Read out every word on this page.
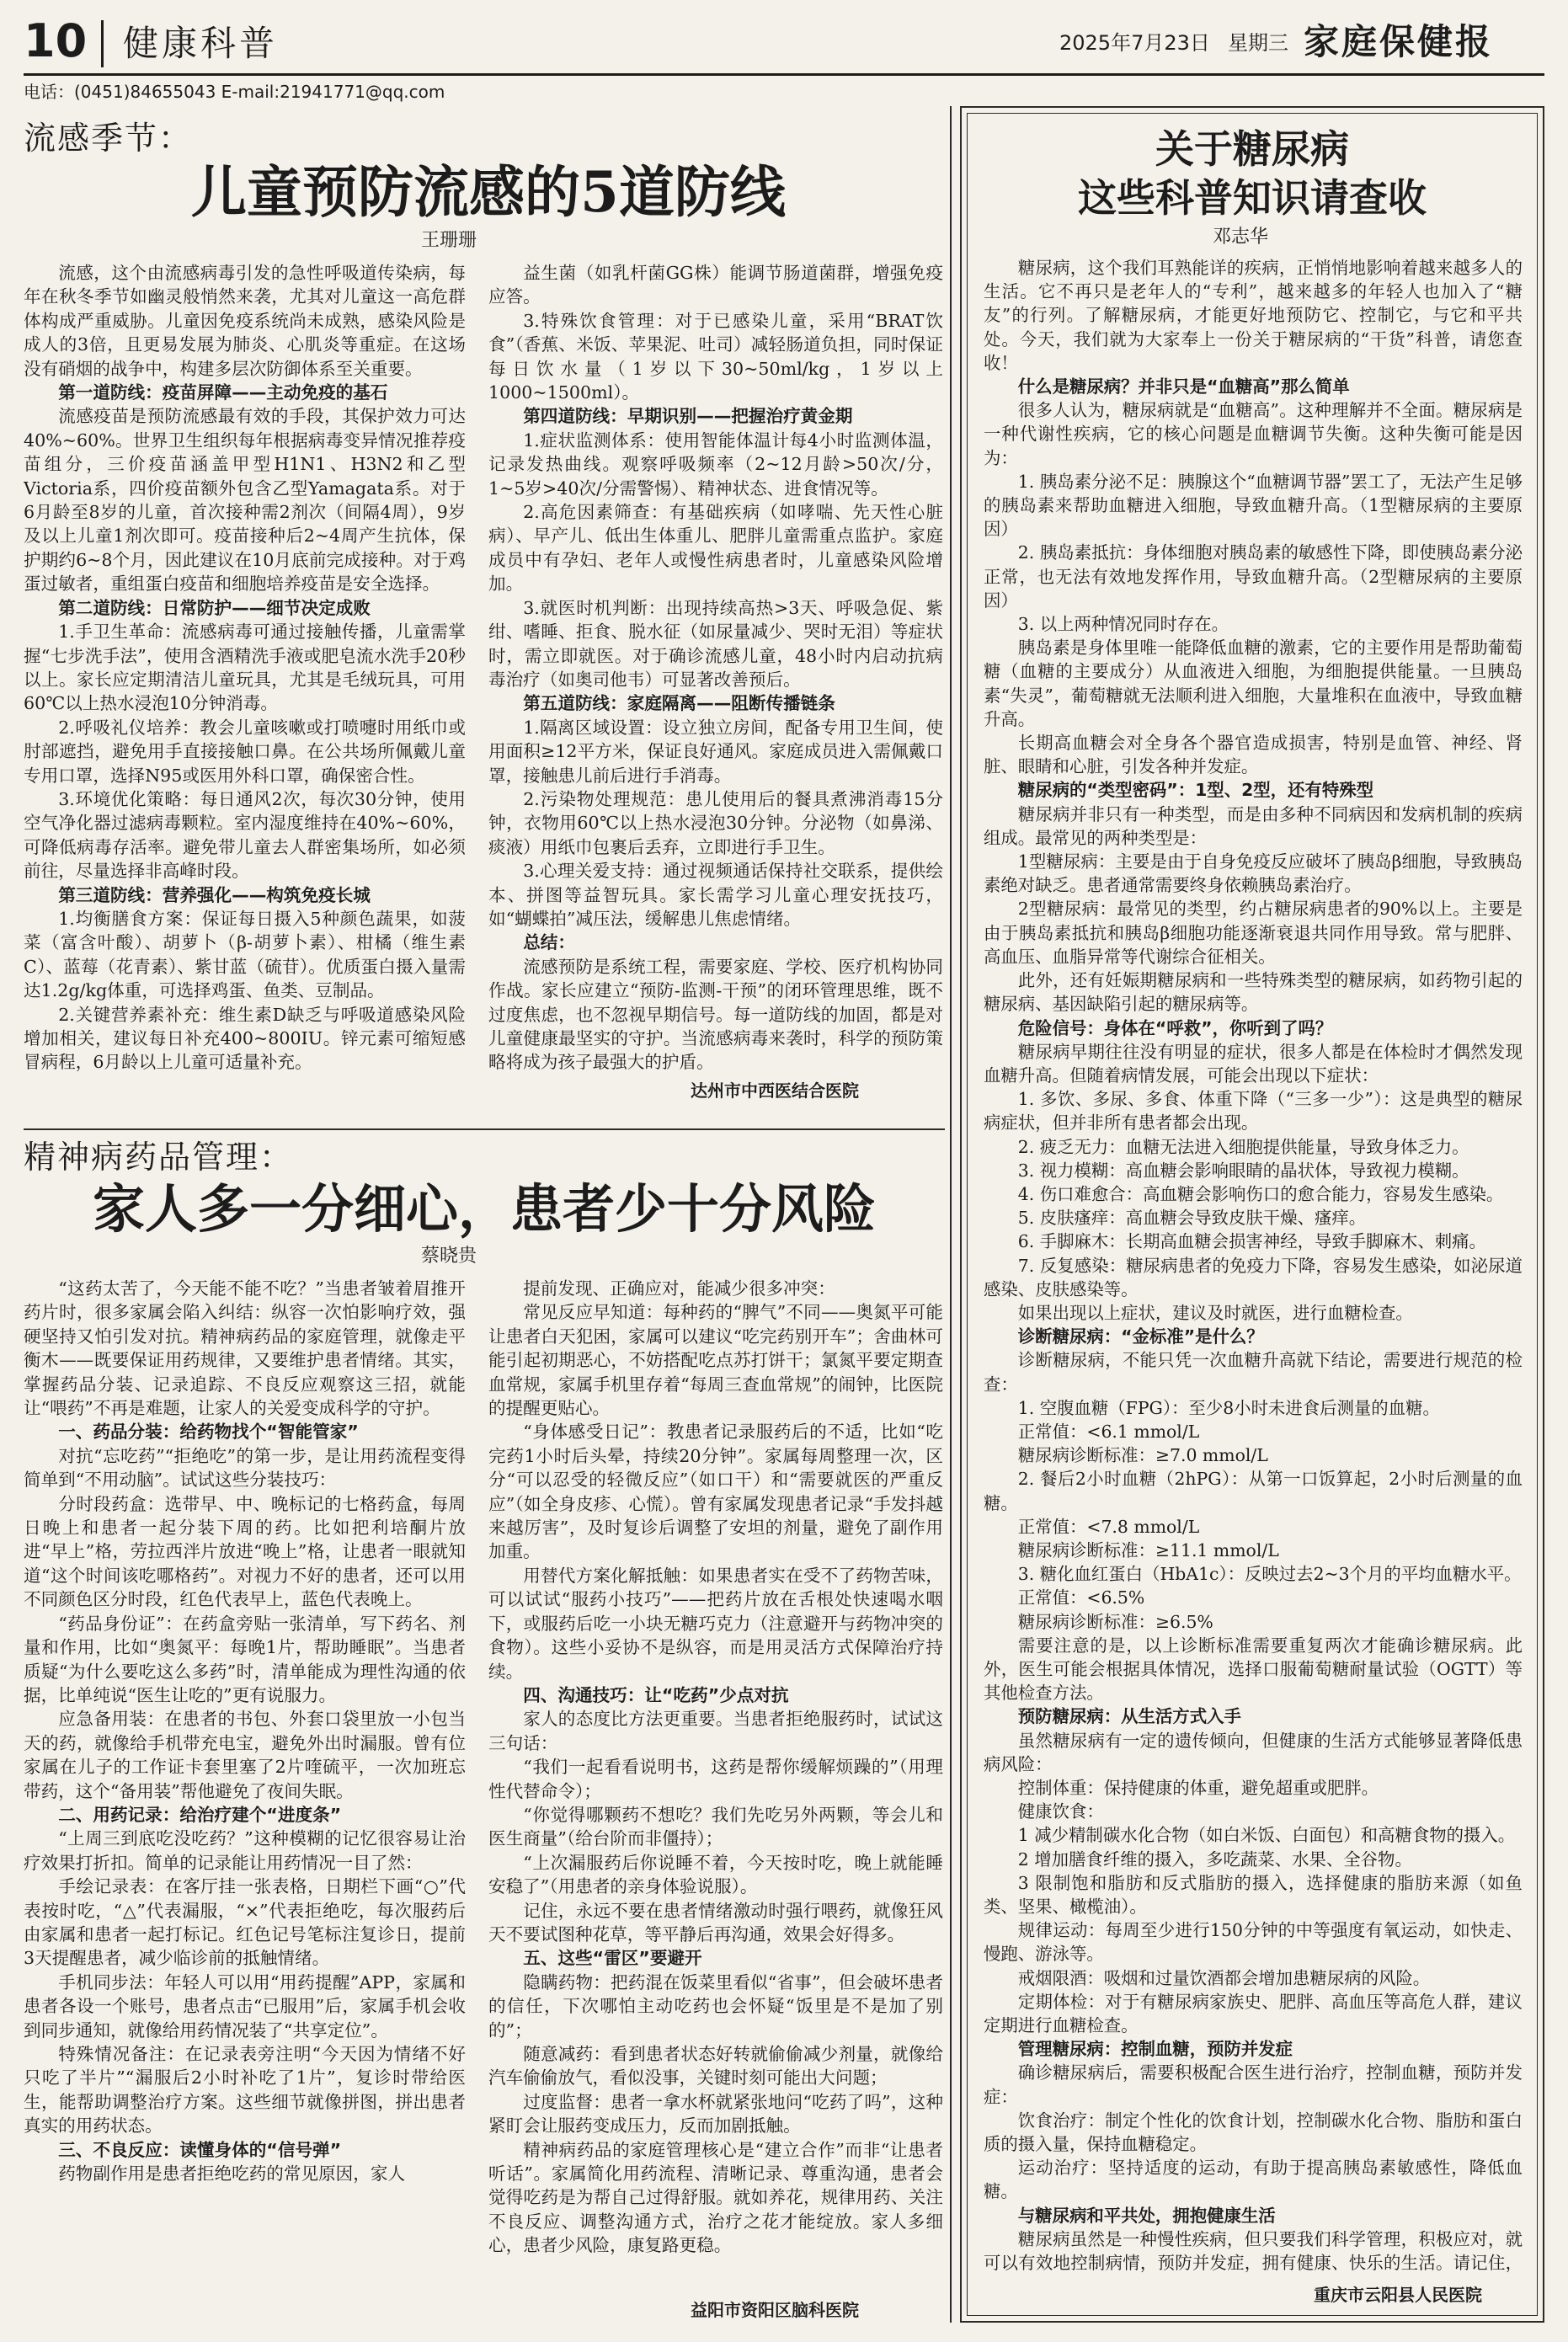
10 健康科普	2025年7月23日 星期三 家庭保健报
电话：(0451)84655043 E-mail:21941771@qq.com
流感季节：
儿童预防流感的5道防线
王珊珊

流感，这个由流感病毒引发的急性呼吸道传染病，每年在秋冬季节如幽灵般悄然来袭，尤其对儿童这一高危群体构成严重威胁。儿童因免疫系统尚未成熟，感染风险是成人的3倍，且更易发展为肺炎、心肌炎等重症。在这场没有硝烟的战争中，构建多层次防御体系至关重要。

第一道防线：疫苗屏障——主动免疫的基石

流感疫苗是预防流感最有效的手段，其保护效力可达40%~60%。世界卫生组织每年根据病毒变异情况推荐疫苗组分，三价疫苗涵盖甲型H1N1、H3N2和乙型Victoria系，四价疫苗额外包含乙型Yamagata系。对于6月龄至8岁的儿童，首次接种需2剂次（间隔4周），9岁及以上儿童1剂次即可。疫苗接种后2~4周产生抗体，保护期约6~8个月，因此建议在10月底前完成接种。对于鸡蛋过敏者，重组蛋白疫苗和细胞培养疫苗是安全选择。

第二道防线：日常防护——细节决定成败

1.手卫生革命：流感病毒可通过接触传播，儿童需掌握“七步洗手法”，使用含酒精洗手液或肥皂流水洗手20秒以上。家长应定期清洁儿童玩具，尤其是毛绒玩具，可用60℃以上热水浸泡10分钟消毒。

2.呼吸礼仪培养：教会儿童咳嗽或打喷嚏时用纸巾或肘部遮挡，避免用手直接接触口鼻。在公共场所佩戴儿童专用口罩，选择N95或医用外科口罩，确保密合性。

3.环境优化策略：每日通风2次，每次30分钟，使用空气净化器过滤病毒颗粒。室内湿度维持在40%~60%，可降低病毒存活率。避免带儿童去人群密集场所，如必须前往，尽量选择非高峰时段。

第三道防线：营养强化——构筑免疫长城

1.均衡膳食方案：保证每日摄入5种颜色蔬果，如菠菜（富含叶酸）、胡萝卜（β-胡萝卜素）、柑橘（维生素C）、蓝莓（花青素）、紫甘蓝（硫苷）。优质蛋白摄入量需达1.2g/kg体重，可选择鸡蛋、鱼类、豆制品。

2.关键营养素补充：维生素D缺乏与呼吸道感染风险增加相关，建议每日补充400~800IU。锌元素可缩短感冒病程，6月龄以上儿童可适量补充。

益生菌（如乳杆菌GG株）能调节肠道菌群，增强免疫应答。

3.特殊饮食管理：对于已感染儿童，采用“BRAT饮食”（香蕉、米饭、苹果泥、吐司）减轻肠道负担，同时保证每日饮水量（1岁以下30~50ml/kg，1岁以上1000~1500ml）。

第四道防线：早期识别——把握治疗黄金期

1.症状监测体系：使用智能体温计每4小时监测体温，记录发热曲线。观察呼吸频率（2~12月龄>50次/分，1~5岁>40次/分需警惕）、精神状态、进食情况等。

2.高危因素筛查：有基础疾病（如哮喘、先天性心脏病）、早产儿、低出生体重儿、肥胖儿童需重点监护。家庭成员中有孕妇、老年人或慢性病患者时，儿童感染风险增加。

3.就医时机判断：出现持续高热>3天、呼吸急促、紫绀、嗜睡、拒食、脱水征（如尿量减少、哭时无泪）等症状时，需立即就医。对于确诊流感儿童，48小时内启动抗病毒治疗（如奥司他韦）可显著改善预后。

第五道防线：家庭隔离——阻断传播链条

1.隔离区域设置：设立独立房间，配备专用卫生间，使用面积≥12平方米，保证良好通风。家庭成员进入需佩戴口罩，接触患儿前后进行手消毒。

2.污染物处理规范：患儿使用后的餐具煮沸消毒15分钟，衣物用60℃以上热水浸泡30分钟。分泌物（如鼻涕、痰液）用纸巾包裹后丢弃，立即进行手卫生。

3.心理关爱支持：通过视频通话保持社交联系，提供绘本、拼图等益智玩具。家长需学习儿童心理安抚技巧，如“蝴蝶拍”减压法，缓解患儿焦虑情绪。

总结：

流感预防是系统工程，需要家庭、学校、医疗机构协同作战。家长应建立“预防-监测-干预”的闭环管理思维，既不过度焦虑，也不忽视早期信号。每一道防线的加固，都是对儿童健康最坚实的守护。当流感病毒来袭时，科学的预防策略将成为孩子最强大的护盾。

达州市中西医结合医院
精神病药品管理：
家人多一分细心，患者少十分风险
蔡晓贵

“这药太苦了，今天能不能不吃？”当患者皱着眉推开药片时，很多家属会陷入纠结：纵容一次怕影响疗效，强硬坚持又怕引发对抗。精神病药品的家庭管理，就像走平衡木——既要保证用药规律，又要维护患者情绪。其实，掌握药品分装、记录追踪、不良反应观察这三招，就能让“喂药”不再是难题，让家人的关爱变成科学的守护。

一、药品分装：给药物找个“智能管家”

对抗“忘吃药”“拒绝吃”的第一步，是让用药流程变得简单到“不用动脑”。试试这些分装技巧：

分时段药盒：选带早、中、晚标记的七格药盒，每周日晚上和患者一起分装下周的药。比如把利培酮片放进“早上”格，劳拉西泮片放进“晚上”格，让患者一眼就知道“这个时间该吃哪格药”。对视力不好的患者，还可以用不同颜色区分时段，红色代表早上，蓝色代表晚上。

“药品身份证”：在药盒旁贴一张清单，写下药名、剂量和作用，比如“奥氮平：每晚1片，帮助睡眠”。当患者质疑“为什么要吃这么多药”时，清单能成为理性沟通的依据，比单纯说“医生让吃的”更有说服力。

应急备用装：在患者的书包、外套口袋里放一小包当天的药，就像给手机带充电宝，避免外出时漏服。曾有位家属在儿子的工作证卡套里塞了2片喹硫平，一次加班忘带药，这个“备用装”帮他避免了夜间失眠。

二、用药记录：给治疗建个“进度条”

“上周三到底吃没吃药？”这种模糊的记忆很容易让治疗效果打折扣。简单的记录能让用药情况一目了然：

手绘记录表：在客厅挂一张表格，日期栏下画“○”代表按时吃，“△”代表漏服，“×”代表拒绝吃，每次服药后由家属和患者一起打标记。红色记号笔标注复诊日，提前3天提醒患者，减少临诊前的抵触情绪。

手机同步法：年轻人可以用“用药提醒”APP，家属和患者各设一个账号，患者点击“已服用”后，家属手机会收到同步通知，就像给用药情况装了“共享定位”。

特殊情况备注：在记录表旁注明“今天因为情绪不好只吃了半片”“漏服后2小时补吃了1片”，复诊时带给医生，能帮助调整治疗方案。这些细节就像拼图，拼出患者真实的用药状态。

三、不良反应：读懂身体的“信号弹”

药物副作用是患者拒绝吃药的常见原因，家人

提前发现、正确应对，能减少很多冲突：

常见反应早知道：每种药的“脾气”不同——奥氮平可能让患者白天犯困，家属可以建议“吃完药别开车”；舍曲林可能引起初期恶心，不妨搭配吃点苏打饼干；氯氮平要定期查血常规，家属手机里存着“每周三查血常规”的闹钟，比医院的提醒更贴心。

“身体感受日记”：教患者记录服药后的不适，比如“吃完药1小时后头晕，持续20分钟”。家属每周整理一次，区分“可以忍受的轻微反应”（如口干）和“需要就医的严重反应”（如全身皮疹、心慌）。曾有家属发现患者记录“手发抖越来越厉害”，及时复诊后调整了安坦的剂量，避免了副作用加重。

用替代方案化解抵触：如果患者实在受不了药物苦味，可以试试“服药小技巧”——把药片放在舌根处快速喝水咽下，或服药后吃一小块无糖巧克力（注意避开与药物冲突的食物）。这些小妥协不是纵容，而是用灵活方式保障治疗持续。

四、沟通技巧：让“吃药”少点对抗

家人的态度比方法更重要。当患者拒绝服药时，试试这三句话：

“我们一起看看说明书，这药是帮你缓解烦躁的”（用理性代替命令）；

“你觉得哪颗药不想吃？我们先吃另外两颗，等会儿和医生商量”（给台阶而非僵持）；

“上次漏服药后你说睡不着，今天按时吃，晚上就能睡安稳了”（用患者的亲身体验说服）。

记住，永远不要在患者情绪激动时强行喂药，就像狂风天不要试图种花草，等平静后再沟通，效果会好得多。

五、这些“雷区”要避开

隐瞒药物：把药混在饭菜里看似“省事”，但会破坏患者的信任，下次哪怕主动吃药也会怀疑“饭里是不是加了别的”；

随意减药：看到患者状态好转就偷偷减少剂量，就像给汽车偷偷放气，看似没事，关键时刻可能出大问题；

过度监督：患者一拿水杯就紧张地问“吃药了吗”，这种紧盯会让服药变成压力，反而加剧抵触。

精神病药品的家庭管理核心是“建立合作”而非“让患者听话”。家属简化用药流程、清晰记录、尊重沟通，患者会觉得吃药是为帮自己过得舒服。就如养花，规律用药、关注不良反应、调整沟通方式，治疗之花才能绽放。家人多细心，患者少风险，康复路更稳。

益阳市资阳区脑科医院
关于糖尿病
这些科普知识请查收
邓志华

糖尿病，这个我们耳熟能详的疾病，正悄悄地影响着越来越多人的生活。它不再只是老年人的“专利”，越来越多的年轻人也加入了“糖友”的行列。了解糖尿病，才能更好地预防它、控制它，与它和平共处。今天，我们就为大家奉上一份关于糖尿病的“干货”科普，请您查收！

什么是糖尿病？并非只是“血糖高”那么简单

很多人认为，糖尿病就是“血糖高”。这种理解并不全面。糖尿病是一种代谢性疾病，它的核心问题是血糖调节失衡。这种失衡可能是因为：

1. 胰岛素分泌不足：胰腺这个“血糖调节器”罢工了，无法产生足够的胰岛素来帮助血糖进入细胞，导致血糖升高。（1型糖尿病的主要原因）

2. 胰岛素抵抗：身体细胞对胰岛素的敏感性下降，即使胰岛素分泌正常，也无法有效地发挥作用，导致血糖升高。（2型糖尿病的主要原因）

3. 以上两种情况同时存在。

胰岛素是身体里唯一能降低血糖的激素，它的主要作用是帮助葡萄糖（血糖的主要成分）从血液进入细胞，为细胞提供能量。一旦胰岛素“失灵”，葡萄糖就无法顺利进入细胞，大量堆积在血液中，导致血糖升高。

长期高血糖会对全身各个器官造成损害，特别是血管、神经、肾脏、眼睛和心脏，引发各种并发症。

糖尿病的“类型密码”：1型、2型，还有特殊型

糖尿病并非只有一种类型，而是由多种不同病因和发病机制的疾病组成。最常见的两种类型是：

1型糖尿病：主要是由于自身免疫反应破坏了胰岛β细胞，导致胰岛素绝对缺乏。患者通常需要终身依赖胰岛素治疗。

2型糖尿病：最常见的类型，约占糖尿病患者的90%以上。主要是由于胰岛素抵抗和胰岛β细胞功能逐渐衰退共同作用导致。常与肥胖、高血压、血脂异常等代谢综合征相关。

此外，还有妊娠期糖尿病和一些特殊类型的糖尿病，如药物引起的糖尿病、基因缺陷引起的糖尿病等。

危险信号：身体在“呼救”，你听到了吗？

糖尿病早期往往没有明显的症状，很多人都是在体检时才偶然发现血糖升高。但随着病情发展，可能会出现以下症状：

1. 多饮、多尿、多食、体重下降（“三多一少”）：这是典型的糖尿病症状，但并非所有患者都会出现。

2. 疲乏无力：血糖无法进入细胞提供能量，导致身体乏力。

3. 视力模糊：高血糖会影响眼睛的晶状体，导致视力模糊。

4. 伤口难愈合：高血糖会影响伤口的愈合能力，容易发生感染。

5. 皮肤瘙痒：高血糖会导致皮肤干燥、瘙痒。

6. 手脚麻木：长期高血糖会损害神经，导致手脚麻木、刺痛。

7. 反复感染：糖尿病患者的免疫力下降，容易发生感染，如泌尿道感染、皮肤感染等。

如果出现以上症状，建议及时就医，进行血糖检查。

诊断糖尿病：“金标准”是什么？

诊断糖尿病，不能只凭一次血糖升高就下结论，需要进行规范的检查：

1. 空腹血糖（FPG）：至少8小时未进食后测量的血糖。

正常值：<6.1 mmol/L

糖尿病诊断标准：≥7.0 mmol/L

2. 餐后2小时血糖（2hPG）：从第一口饭算起，2小时后测量的血糖。

正常值：<7.8 mmol/L

糖尿病诊断标准：≥11.1 mmol/L

3. 糖化血红蛋白（HbA1c）：反映过去2~3个月的平均血糖水平。

正常值：<6.5%

糖尿病诊断标准：≥6.5%

需要注意的是，以上诊断标准需要重复两次才能确诊糖尿病。此外，医生可能会根据具体情况，选择口服葡萄糖耐量试验（OGTT）等其他检查方法。

预防糖尿病：从生活方式入手

虽然糖尿病有一定的遗传倾向，但健康的生活方式能够显著降低患病风险：

控制体重：保持健康的体重，避免超重或肥胖。

健康饮食：

1 减少精制碳水化合物（如白米饭、白面包）和高糖食物的摄入。

2 增加膳食纤维的摄入，多吃蔬菜、水果、全谷物。

3 限制饱和脂肪和反式脂肪的摄入，选择健康的脂肪来源（如鱼类、坚果、橄榄油）。

规律运动：每周至少进行150分钟的中等强度有氧运动，如快走、慢跑、游泳等。

戒烟限酒：吸烟和过量饮酒都会增加患糖尿病的风险。

定期体检：对于有糖尿病家族史、肥胖、高血压等高危人群，建议定期进行血糖检查。

管理糖尿病：控制血糖，预防并发症

确诊糖尿病后，需要积极配合医生进行治疗，控制血糖，预防并发症：

饮食治疗：制定个性化的饮食计划，控制碳水化合物、脂肪和蛋白质的摄入量，保持血糖稳定。

运动治疗：坚持适度的运动，有助于提高胰岛素敏感性，降低血糖。

与糖尿病和平共处，拥抱健康生活

糖尿病虽然是一种慢性疾病，但只要我们科学管理，积极应对，就可以有效地控制病情，预防并发症，拥有健康、快乐的生活。请记住，

重庆市云阳县人民医院
